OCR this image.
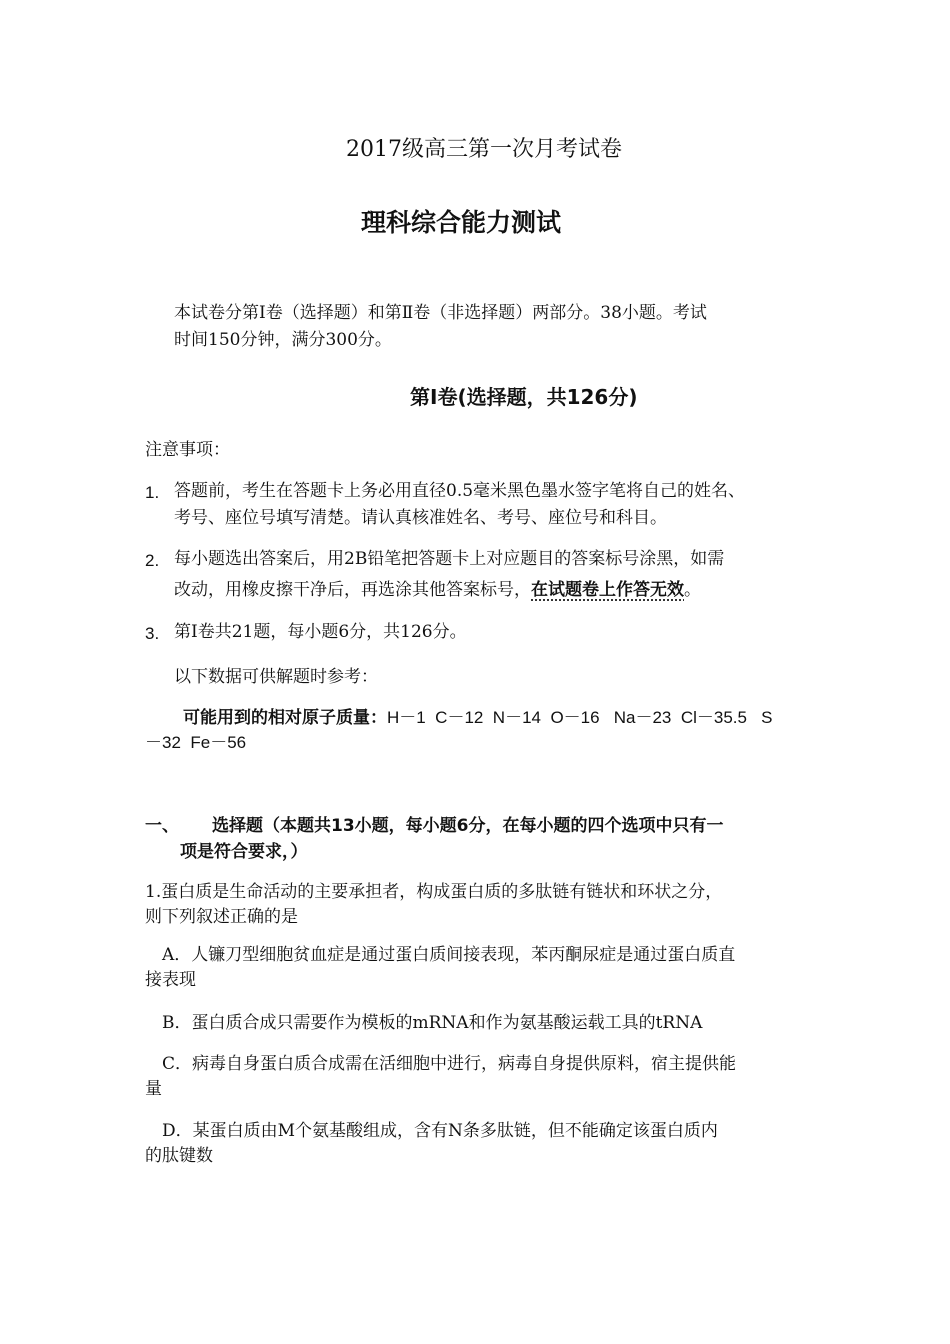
2017级高三第一次月考试卷
理科综合能力测试
本试卷分第Ⅰ卷（选择题）和第Ⅱ卷（非选择题）两部分。38小题。考试
时间150分钟，满分300分。
第Ⅰ卷(选择题，共126分)
注意事项：
1. 答题前，考生在答题卡上务必用直径0.5毫米黑色墨水签字笔将自己的姓名、
考号、座位号填写清楚。请认真核准姓名、考号、座位号和科目。
2. 每小题选出答案后，用2B铅笔把答题卡上对应题目的答案标号涂黑，如需
改动，用橡皮擦干净后，再选涂其他答案标号，在试题卷上作答无效。
3. 第Ⅰ卷共21题，每小题6分，共126分。
以下数据可供解题时参考：
可能用到的相对原子质量：H－1  C－12  N－14  O－16   Na－23  Cl－35.5   S
－32  Fe－56
一、 选择题（本题共13小题，每小题6分，在每小题的四个选项中只有一
项是符合要求，）
1.蛋白质是生命活动的主要承担者，构成蛋白质的多肽链有链状和环状之分，
则下列叙述正确的是
A．人镰刀型细胞贫血症是通过蛋白质间接表现，苯丙酮尿症是通过蛋白质直
接表现
B．蛋白质合成只需要作为模板的mRNA和作为氨基酸运载工具的tRNA
C．病毒自身蛋白质合成需在活细胞中进行，病毒自身提供原料，宿主提供能
量
D．某蛋白质由M个氨基酸组成，含有N条多肽链，但不能确定该蛋白质内
的肽键数
